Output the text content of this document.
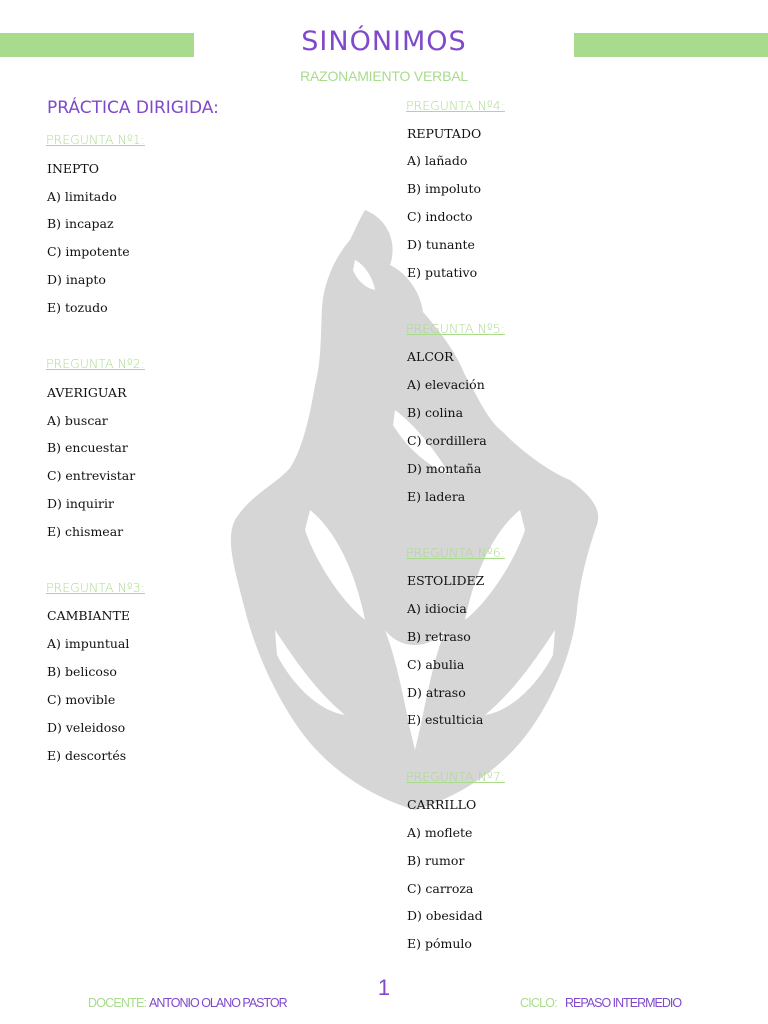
SINÓNIMOS
RAZONAMIENTO VERBAL
PRÁCTICA DIRIGIDA:
PREGUNTA Nº1:
INEPTO
A) limitado
B) incapaz
C) impotente
D) inapto
E) tozudo
PREGUNTA Nº2:
AVERIGUAR
A) buscar
B) encuestar
C) entrevistar
D) inquirir
E) chismear
PREGUNTA Nº3:
CAMBIANTE
A) impuntual
B) belicoso
C) movible
D) veleidoso
E) descortés
PREGUNTA Nº4:
REPUTADO
A) lañado
B) impoluto
C) indocto
D) tunante
E) putativo
PREGUNTA Nº5:
ALCOR
A) elevación
B) colina
C) cordillera
D) montaña
E) ladera
PREGUNTA Nº6:
ESTOLIDEZ
A) idiocia
B) retraso
C) abulia
D) atraso
E) estulticia
PREGUNTA Nº7:
CARRILLO
A) moflete
B) rumor
C) carroza
D) obesidad
E) pómulo
DOCENTE: ANTONIO OLANO PASTOR
1
CICLO: REPASO INTERMEDIO
